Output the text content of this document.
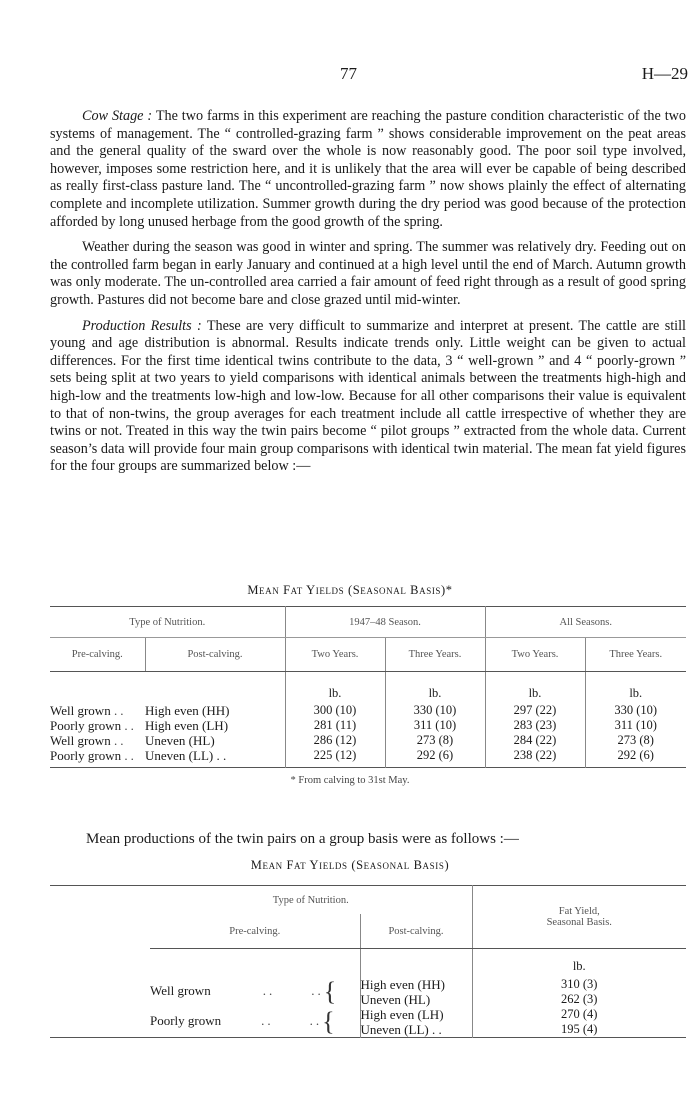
77	H—29

Cow Stage : The two farms in this experiment are reaching the pasture condition characteristic of the two systems of management. The “ controlled-grazing farm ” shows considerable improvement on the peat areas and the general quality of the sward over the whole is now reasonably good. The poor soil type involved, however, imposes some restriction here, and it is unlikely that the area will ever be capable of being described as really first-class pasture land. The “ uncontrolled-grazing farm ” now shows plainly the effect of alternating complete and incomplete utilization. Summer growth during the dry period was good because of the protection afforded by long unused herbage from the good growth of the spring.

Weather during the season was good in winter and spring. The summer was relatively dry. Feeding out on the controlled farm began in early January and continued at a high level until the end of March. Autumn growth was only moderate. The un-controlled area carried a fair amount of feed right through as a result of good spring growth. Pastures did not become bare and close grazed until mid-winter.

Production Results : These are very difficult to summarize and interpret at present. The cattle are still young and age distribution is abnormal. Results indicate trends only. Little weight can be given to actual differences. For the first time identical twins contribute to the data, 3 “ well-grown ” and 4 “ poorly-grown ” sets being split at two years to yield comparisons with identical animals between the treatments high-high and high-low and the treatments low-high and low-low. Because for all other comparisons their value is equivalent to that of non-twins, the group averages for each treatment include all cattle irrespective of whether they are twins or not. Treated in this way the twin pairs become “ pilot groups ” extracted from the whole data. Current season’s data will provide four main group comparisons with identical twin material. The mean fat yield figures for the four groups are summarized below :—

Mean Fat Yields (Seasonal Basis)*
Type of Nutrition.		1947–48 Season.		All Seasons.	
Pre-calving.	Post-calving.	Two Years.	Three Years.	Two Years.	Three Years.
		lb.	lb.	lb.	lb.
Well grown ..	High even (HH)	300 (10)	330 (10)	297 (22)	330 (10)
Poorly grown ..	High even (LH)	281 (11)	311 (10)	283 (23)	311 (10)
Well grown ..	Uneven (HL)	286 (12)	273 (8)	284 (22)	273 (8)
Poorly grown ..	Uneven (LL) . .	225 (12)	292 (6)	238 (22)	292 (6)

* From calving to 31st May.
Mean productions of the twin pairs on a group basis were as follows :—
Mean Fat Yields (Seasonal Basis)
	Type of Nutrition.		Fat Yield,
Seasonal Basis.
	Pre-calving.	Post-calving.	
			lb.
	Well grown .. ..{	High even (HH)	310 (3)
		Uneven (HL)	262 (3)
	Poorly grown .. ..{	High even (LH)	270 (4)
		Uneven (LL) . .	195 (4)
